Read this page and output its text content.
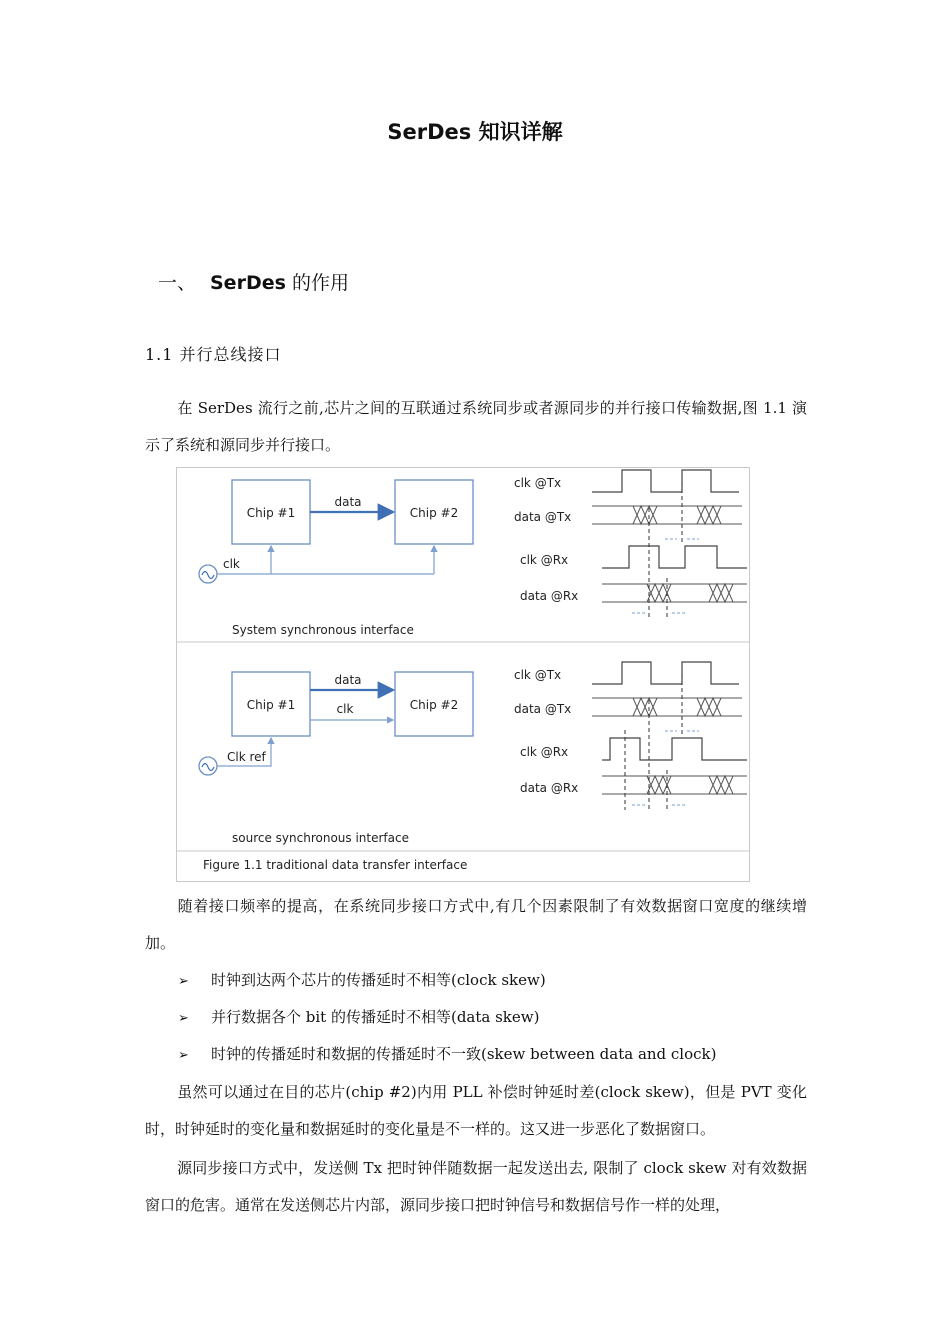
SerDes 知识详解
一、 SerDes 的作用
1.1 并行总线接口
在 SerDes 流行之前,芯片之间的互联通过系统同步或者源同步的并行接口传输数据,图 1.1 演示了系统和源同步并行接口。
Chip #1	Chip #2
data
clk
System synchronous interface
clk @Tx
data @Tx
clk @Rx
data @Rx
Chip #1	Chip #2
data
clk
Clk ref
source synchronous interface
clk @Tx
data @Tx
clk @Rx
data @Rx
Figure 1.1 traditional data transfer interface
随着接口频率的提高，在系统同步接口方式中,有几个因素限制了有效数据窗口宽度的继续增加。
➢ 时钟到达两个芯片的传播延时不相等(clock skew)
➢ 并行数据各个 bit 的传播延时不相等(data skew)
➢ 时钟的传播延时和数据的传播延时不一致(skew between data and clock)
虽然可以通过在目的芯片(chip #2)内用 PLL 补偿时钟延时差(clock skew)，但是 PVT 变化时，时钟延时的变化量和数据延时的变化量是不一样的。这又进一步恶化了数据窗口。
源同步接口方式中，发送侧 Tx 把时钟伴随数据一起发送出去, 限制了 clock skew 对有效数据窗口的危害。通常在发送侧芯片内部，源同步接口把时钟信号和数据信号作一样的处理，
